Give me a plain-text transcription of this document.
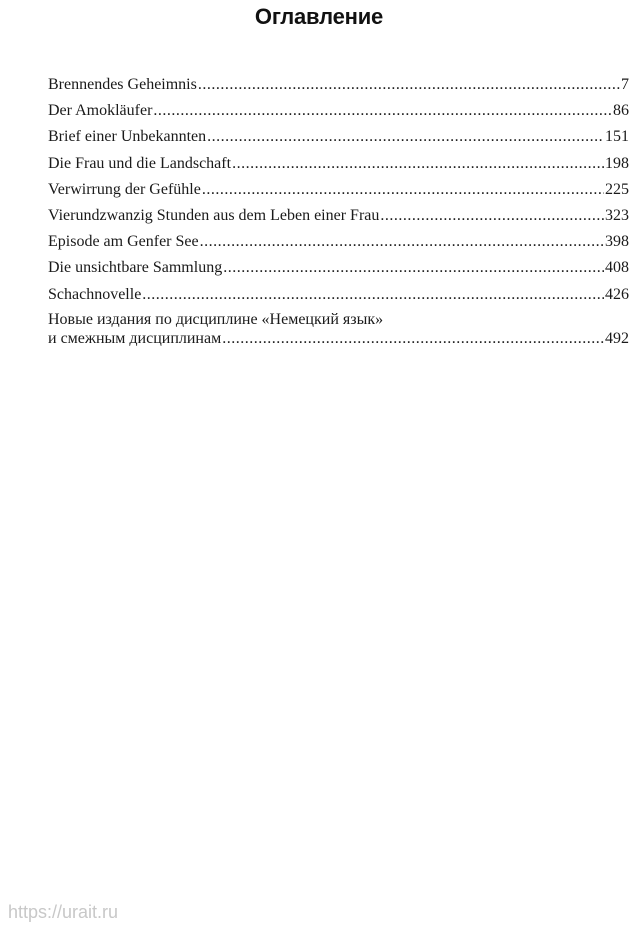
Оглавление
Brennendes Geheimnis .....	7
Der Amokläufer .....	86
Brief einer Unbekannten .....	151
Die Frau und die Landschaft .....	198
Verwirrung der Gefühle .....	225
Vierundzwanzig Stunden aus dem Leben einer Frau .....	323
Episode am Genfer See .....	398
Die unsichtbare Sammlung .....	408
Schachnovelle .....	426
Новые издания по дисциплине «Немецкий язык»
и смежным дисциплинам .....	492
https://urait.ru
